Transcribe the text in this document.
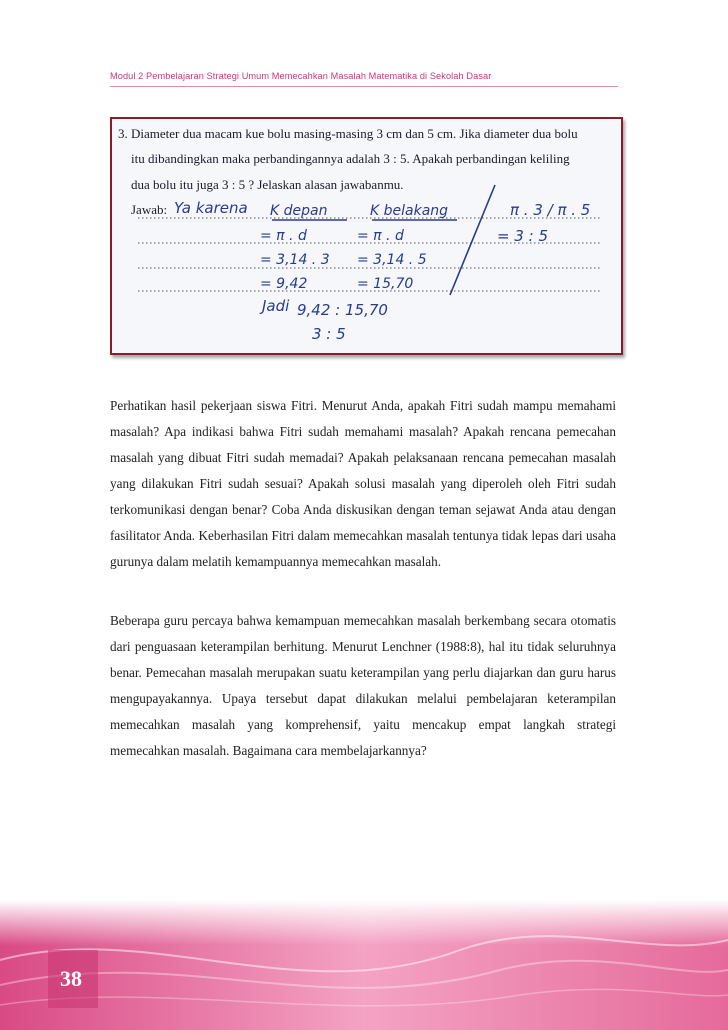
Modul 2 Pembelajaran Strategi Umum Memecahkan Masalah Matematika di Sekolah Dasar
3. Diameter dua macam kue bolu masing-masing 3 cm dan 5 cm. Jika diameter dua bolu
itu dibandingkan maka perbandingannya adalah 3 : 5. Apakah perbandingan keliling
dua bolu itu juga 3 : 5 ? Jelaskan alasan jawabanmu.
Jawab: Ya karena K depan	K belakang
= π . d
= 3,14 . 3
= 9,42
= π . d
= 3,14 . 5
= 15,70
π . 3 / π . 5
= 3 : 5
Jadi 9,42 : 15,70
3 : 5
Perhatikan hasil pekerjaan siswa Fitri. Menurut Anda, apakah Fitri sudah mampu memahami masalah? Apa indikasi bahwa Fitri sudah memahami masalah? Apakah rencana pemecahan masalah yang dibuat Fitri sudah memadai? Apakah pelaksanaan rencana pemecahan masalah yang dilakukan Fitri sudah sesuai? Apakah solusi masalah yang diperoleh oleh Fitri sudah terkomunikasi dengan benar? Coba Anda diskusikan dengan teman sejawat Anda atau dengan fasilitator Anda. Keberhasilan Fitri dalam memecahkan masalah tentunya tidak lepas dari usaha gurunya dalam melatih kemampuannya memecahkan masalah.
Beberapa guru percaya bahwa kemampuan memecahkan masalah berkembang secara otomatis dari penguasaan keterampilan berhitung. Menurut Lenchner (1988:8), hal itu tidak seluruhnya benar. Pemecahan masalah merupakan suatu keterampilan yang perlu diajarkan dan guru harus mengupayakannya. Upaya tersebut dapat dilakukan melalui pembelajaran keterampilan memecahkan masalah yang komprehensif, yaitu mencakup empat langkah strategi memecahkan masalah. Bagaimana cara membelajarkannya?
38
